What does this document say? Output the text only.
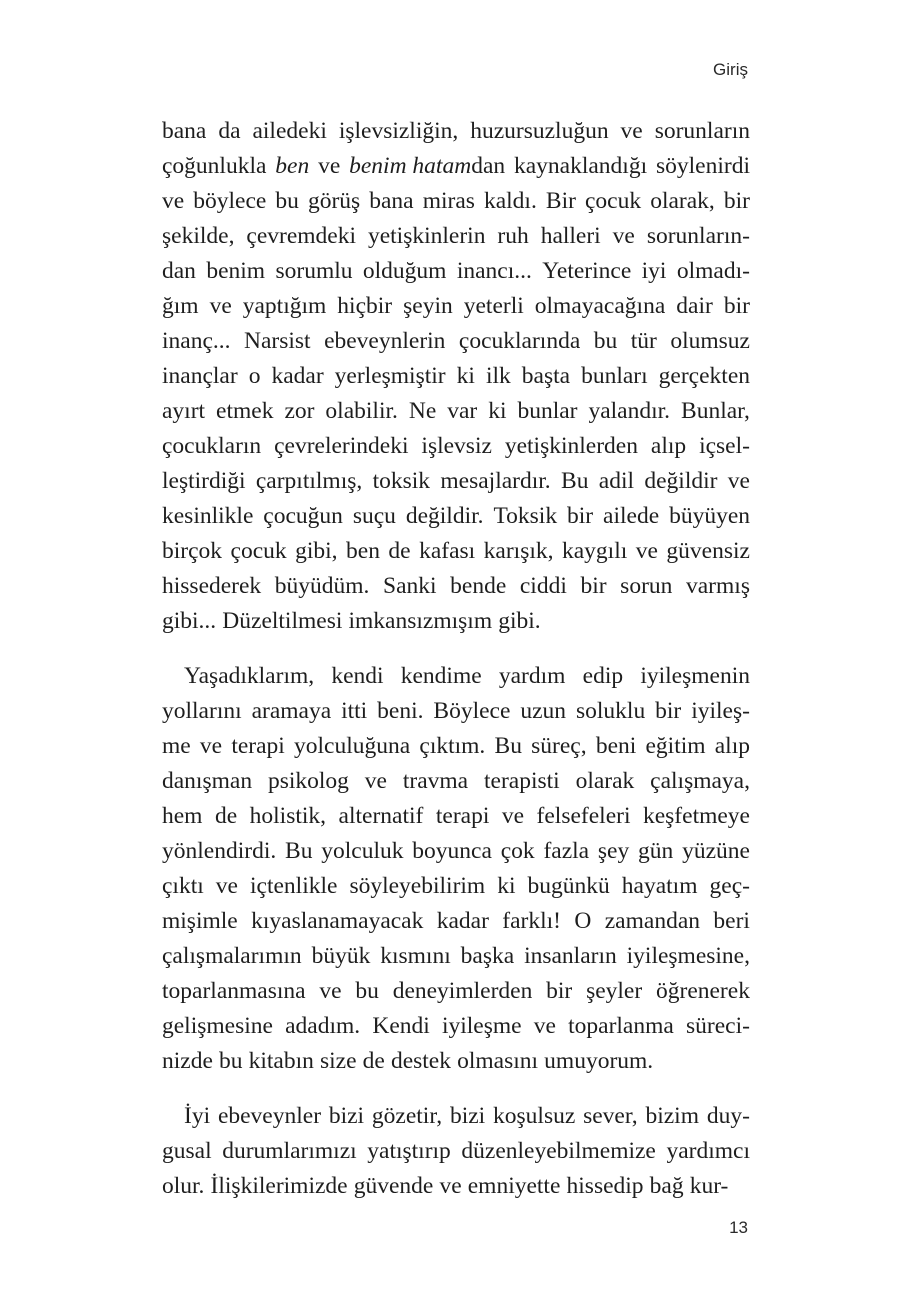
Giriş
bana da ailedeki işlevsizliğin, huzursuzluğun ve sorunların
çoğunlukla ben ve benim hatamdan kaynaklandığı söylenirdi
ve böylece bu görüş bana miras kaldı. Bir çocuk olarak, bir
şekilde, çevremdeki yetişkinlerin ruh halleri ve sorunların-
dan benim sorumlu olduğum inancı... Yeterince iyi olmadı-
ğım ve yaptığım hiçbir şeyin yeterli olmayacağına dair bir
inanç... Narsist ebeveynlerin çocuklarında bu tür olumsuz
inançlar o kadar yerleşmiştir ki ilk başta bunları gerçekten
ayırt etmek zor olabilir. Ne var ki bunlar yalandır. Bunlar,
çocukların çevrelerindeki işlevsiz yetişkinlerden alıp içsel-
leştirdiği çarpıtılmış, toksik mesajlardır. Bu adil değildir ve
kesinlikle çocuğun suçu değildir. Toksik bir ailede büyüyen
birçok çocuk gibi, ben de kafası karışık, kaygılı ve güvensiz
hissederek büyüdüm. Sanki bende ciddi bir sorun varmış
gibi... Düzeltilmesi imkansızmışım gibi.
Yaşadıklarım, kendi kendime yardım edip iyileşmenin
yollarını aramaya itti beni. Böylece uzun soluklu bir iyileş-
me ve terapi yolculuğuna çıktım. Bu süreç, beni eğitim alıp
danışman psikolog ve travma terapisti olarak çalışmaya,
hem de holistik, alternatif terapi ve felsefeleri keşfetmeye
yönlendirdi. Bu yolculuk boyunca çok fazla şey gün yüzüne
çıktı ve içtenlikle söyleyebilirim ki bugünkü hayatım geç-
mişimle kıyaslanamayacak kadar farklı! O zamandan beri
çalışmalarımın büyük kısmını başka insanların iyileşmesine,
toparlanmasına ve bu deneyimlerden bir şeyler öğrenerek
gelişmesine adadım. Kendi iyileşme ve toparlanma süreci-
nizde bu kitabın size de destek olmasını umuyorum.
İyi ebeveynler bizi gözetir, bizi koşulsuz sever, bizim duy-
gusal durumlarımızı yatıştırıp düzenleyebilmemize yardımcı
olur. İlişkilerimizde güvende ve emniyette hissedip bağ kur-
13
